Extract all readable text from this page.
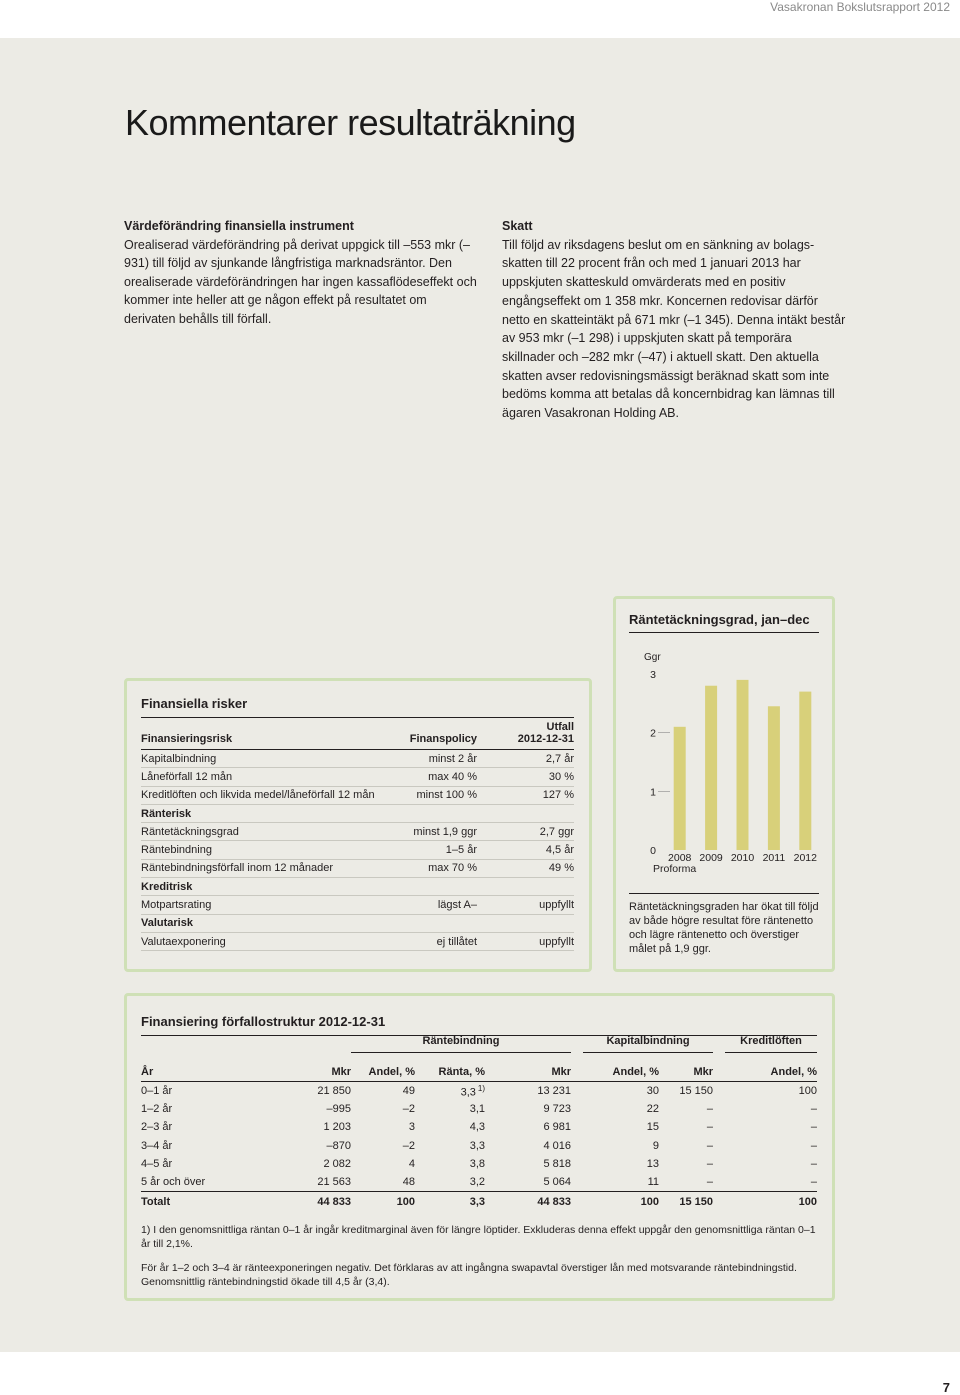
Vasakronan Bokslutsrapport 2012
Kommentarer resultaträkning
Värdeförändring finansiella instrument

Orealiserad värdeförändring på derivat uppgick till –553 mkr (–931) till följd av sjunkande långfristiga marknadsräntor. Den orealiserade värdeförändringen har ingen kassaflödeseffekt och kommer inte heller att ge någon effekt på resultatet om derivaten behålls till förfall.

Skatt

Till följd av riksdagens beslut om en sänkning av bolagsskatten till 22 procent från och med 1 januari 2013 har uppskjuten skatteskuld omvärderats med en positiv engångseffekt om 1 358 mkr. Koncernen redovisar därför netto en skatteintäkt på 671 mkr (–1 345). Denna intäkt består av 953 mkr (–1 298) i uppskjuten skatt på temporära skillnader och –282 mkr (–47) i aktuell skatt. Den aktuella skatten avser redovisningsmässigt beräknad skatt som inte bedöms komma att betalas då koncernbidrag kan lämnas till ägaren Vasakronan Holding AB.

Finansiella risker
Finansieringsrisk	Finanspolicy	Utfall
2012-12-31
Kapitalbindning	minst 2 år	2,7 år
Låneförfall 12 mån	max 40 %	30 %
Kreditlöften och likvida medel/låneförfall 12 mån	minst 100 %	127 %
Ränterisk		
Räntetäckningsgrad	minst 1,9 ggr	2,7 ggr
Räntebindning	1–5 år	4,5 år
Räntebindningsförfall inom 12 månader	max 70 %	49 %
Kreditrisk		
Motpartsrating	lägst A–	uppfyllt
Valutarisk		
Valutaexponering	ej tillåtet	uppfyllt
Räntetäckningsgrad, jan–dec
Ggr
0
1
2
3
2008 2009 2010 2011 2012
Proforma
Räntetäckningsgraden har ökat till följd av både högre resultat före räntenetto och lägre räntenetto och överstiger målet på 1,9 ggr.
Finansiering förfallostruktur 2012-12-31
		Räntebindning				Kapitalbindning			Kreditlöften
År	Mkr	Andel, %	Ränta, %	Mkr		Andel, %	Mkr		Andel, %
0–1 år	21 850	49	3,3 $^{1)}$	13 231		30	15 150		100
1–2 år	–995	–2	3,1	9 723		22	–		–
2–3 år	1 203	3	4,3	6 981		15	–		–
3–4 år	–870	–2	3,3	4 016		9	–		–
4–5 år	2 082	4	3,8	5 818		13	–		–
5 år och över	21 563	48	3,2	5 064		11	–		–
Totalt	44 833	100	3,3	44 833		100	15 150		100

1) I den genomsnittliga räntan 0–1 år ingår kreditmarginal även för längre löptider. Exkluderas denna effekt uppgår den genomsnittliga räntan 0–1 år till 2,1%.

För år 1–2 och 3–4 är ränteexponeringen negativ. Det förklaras av att ingångna swapavtal överstiger lån med motsvarande räntebindningstid. Genomsnittlig räntebindningstid ökade till 4,5 år (3,4).

7
